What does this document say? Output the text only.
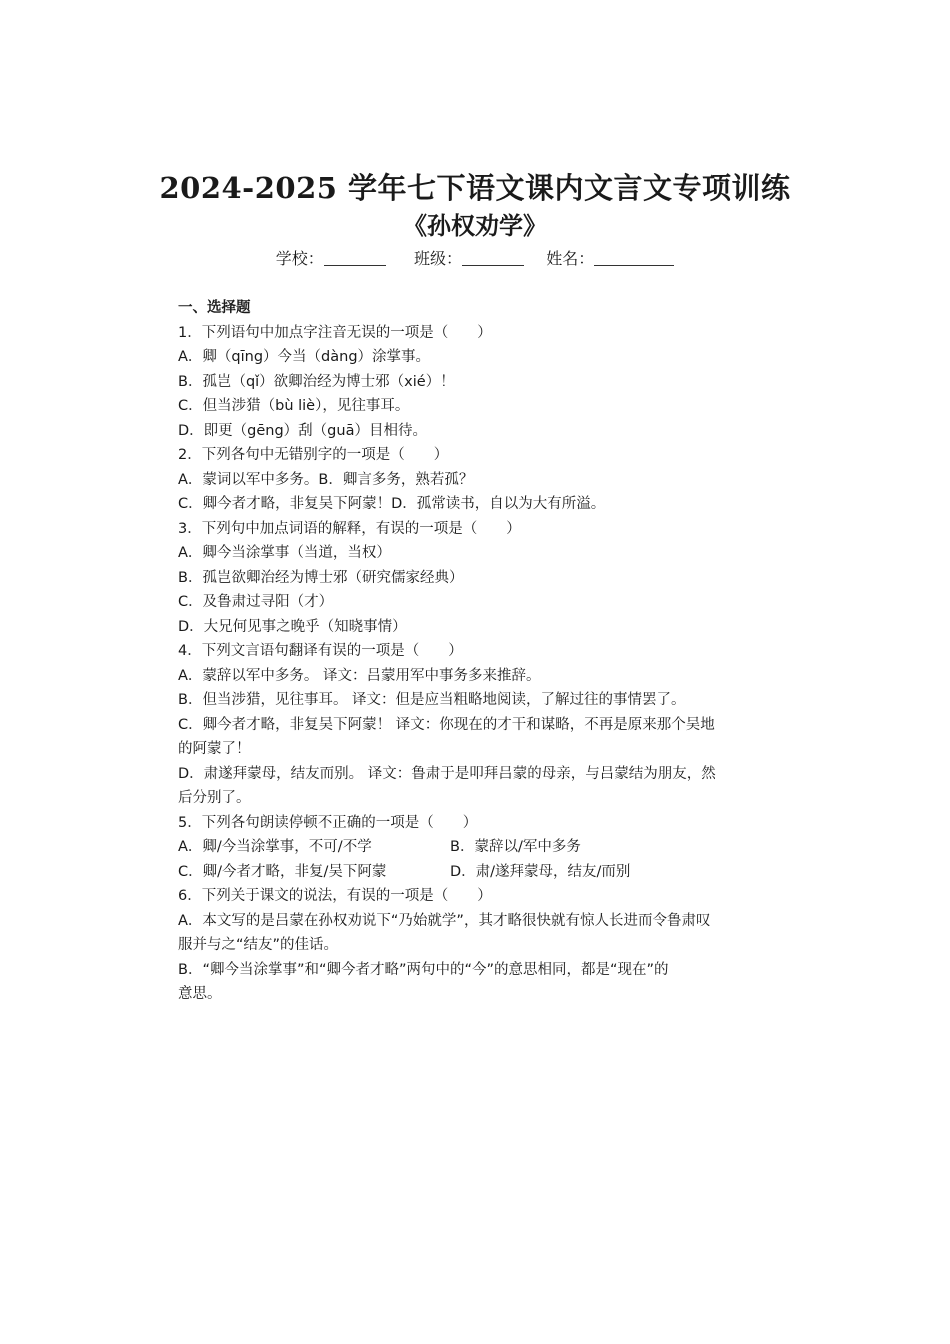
2024-2025 学年七下语文课内文言文专项训练
《孙权劝学》
学校：	班级：	姓名：

一、选择题

1．下列语句中加点字注音无误的一项是（　　）

A．卿（qīng）今当（dàng）涂掌事。

B．孤岂（qǐ）欲卿治经为博士邪（xié）！

C．但当涉猎（bù liè），见往事耳。

D．即更（gēng）刮（guā）目相待。

2．下列各句中无错别字的一项是（　　）

A．蒙词以军中多务。B．卿言多务，熟若孤？

C．卿今者才略，非复吴下阿蒙！D．孤常读书，自以为大有所溢。

3．下列句中加点词语的解释，有误的一项是（　　）

A．卿今当涂掌事（当道，当权）

B．孤岂欲卿治经为博士邪（研究儒家经典）

C．及鲁肃过寻阳（才）

D．大兄何见事之晚乎（知晓事情）

4．下列文言语句翻译有误的一项是（　　）

A．蒙辞以军中多务。 译文：吕蒙用军中事务多来推辞。

B．但当涉猎，见往事耳。 译文：但是应当粗略地阅读，了解过往的事情罢了。

C．卿今者才略，非复吴下阿蒙！ 译文：你现在的才干和谋略，不再是原来那个吴地

的阿蒙了！

D．肃遂拜蒙母，结友而别。 译文：鲁肃于是叩拜吕蒙的母亲，与吕蒙结为朋友，然

后分别了。

5．下列各句朗读停顿不正确的一项是（　　）

A．卿/今当涂掌事，不可/不学	B．蒙辞以/军中多务

C．卿/今者才略，非复/吴下阿蒙	D．肃/遂拜蒙母，结友/而别

6．下列关于课文的说法，有误的一项是（　　）

A．本文写的是吕蒙在孙权劝说下“乃始就学”，其才略很快就有惊人长进而令鲁肃叹

服并与之“结友”的佳话。

B．“卿今当涂掌事”和“卿今者才略”两句中的“今”的意思相同，都是“现在”的

意思。
